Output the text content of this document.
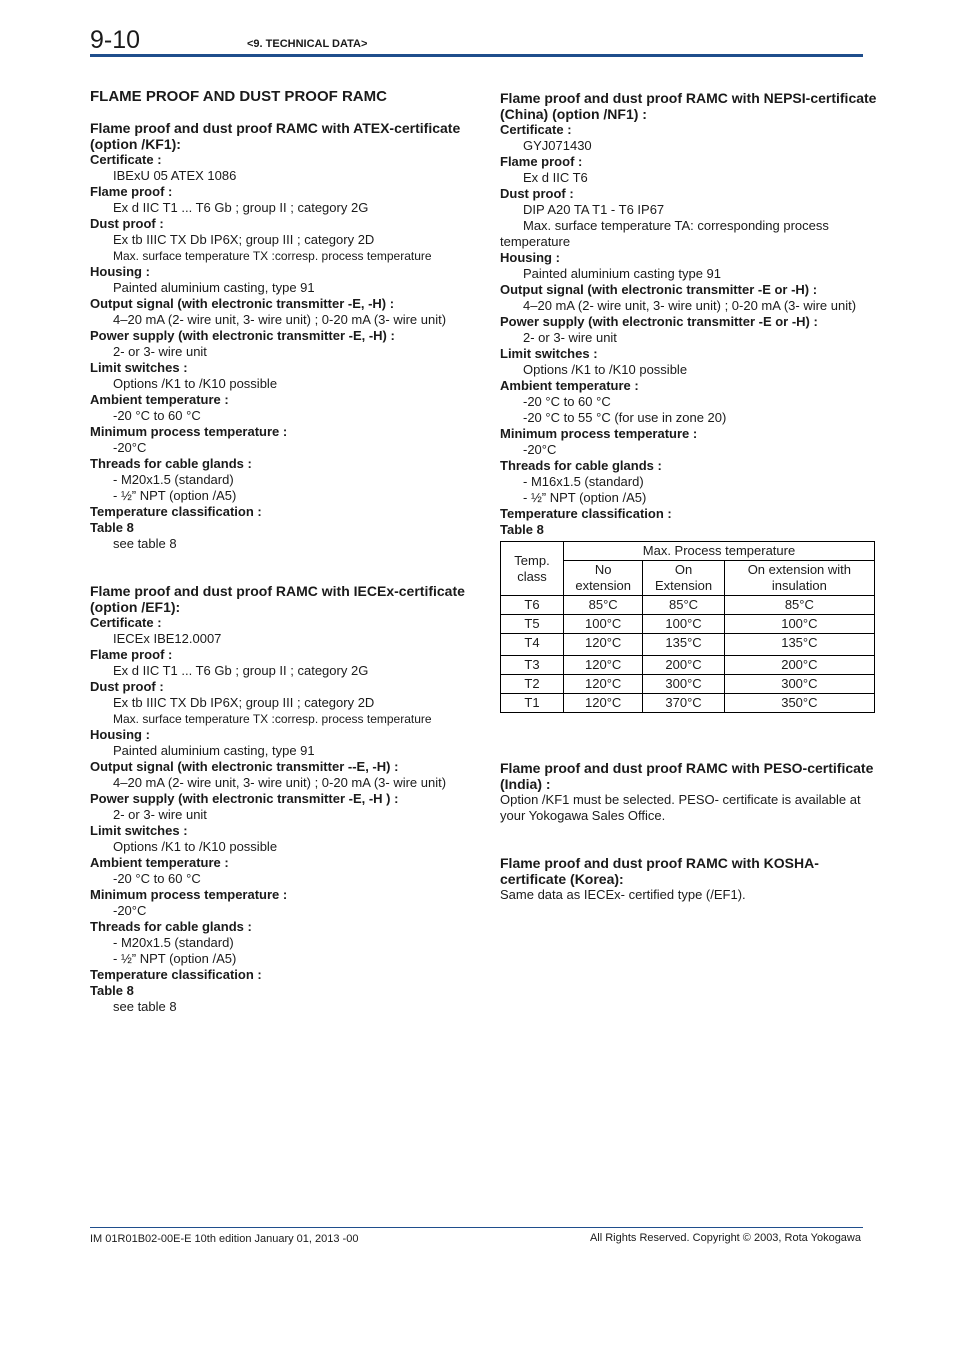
9-10	<9. TECHNICAL DATA>
FLAME PROOF AND DUST PROOF RAMC
Flame proof and dust proof RAMC with ATEX-certificate (option /KF1):
Certificate :
IBExU 05 ATEX 1086
Flame proof :
Ex d IIC T1 ... T6 Gb ; group II ; category 2G
Dust proof :
Ex tb IIIC TX Db IP6X; group III ; category 2D
Max. surface temperature TX :corresp. process temperature
Housing :
Painted aluminium casting, type 91
Output signal (with electronic transmitter -E, -H) :
4–20 mA (2- wire unit, 3- wire unit) ; 0-20 mA (3- wire unit)
Power supply (with electronic transmitter -E, -H) :
2- or 3- wire unit
Limit switches :
Options /K1 to /K10 possible
Ambient temperature :
-20 °C to 60 °C
Minimum process temperature :
-20°C
Threads for cable glands :
- M20x1.5 (standard)
- ½” NPT (option /A5)
Temperature classification :
Table 8
see table 8
Flame proof and dust proof RAMC with IECEx-certificate (option /EF1):
Certificate :
IECEx IBE12.0007
Flame proof :
Ex d IIC T1 ... T6 Gb ; group II ; category 2G
Dust proof :
Ex tb IIIC TX Db IP6X; group III ; category 2D
Max. surface temperature TX :corresp. process temperature
Housing :
Painted aluminium casting, type 91
Output signal (with electronic transmitter --E, -H) :
4–20 mA (2- wire unit, 3- wire unit) ; 0-20 mA (3- wire unit)
Power supply (with electronic transmitter -E, -H ) :
2- or 3- wire unit
Limit switches :
Options /K1 to /K10 possible
Ambient temperature :
-20 °C to 60 °C
Minimum process temperature :
-20°C
Threads for cable glands :
- M20x1.5 (standard)
- ½” NPT (option /A5)
Temperature classification :
Table 8
see table 8
Flame proof and dust proof RAMC with NEPSI-certificate (China) (option /NF1) :
Certificate :
GYJ071430
Flame proof :
Ex d IIC T6
Dust proof :
DIP A20 TA T1 - T6 IP67
Max. surface temperature TA: corresponding process
temperature
Housing :
Painted aluminium casting type 91
Output signal (with electronic transmitter -E or -H) :
4–20 mA (2- wire unit, 3- wire unit) ; 0-20 mA (3- wire unit)
Power supply (with electronic transmitter -E or -H) :
2- or 3- wire unit
Limit switches :
Options /K1 to /K10 possible
Ambient temperature :
-20 °C to 60 °C
-20 °C to 55 °C (for use in zone 20)
Minimum process temperature :
-20°C
Threads for cable glands :
- M16x1.5 (standard)
- ½” NPT (option /A5)
Temperature classification :
Table 8
Temp. class	Max. Process temperature		
	No extension	On Extension	On extension with insulation
T6	85°C	85°C	85°C
T5	100°C	100°C	100°C
T4	120°C	135°C	135°C
T3	120°C	200°C	200°C
T2	120°C	300°C	300°C
T1	120°C	370°C	350°C
Flame proof and dust proof RAMC with PESO-certificate (India) :
Option /KF1 must be selected. PESO- certificate is available at your Yokogawa Sales Office.
Flame proof and dust proof RAMC with KOSHA-certificate (Korea):
Same data as IECEx- certified type (/EF1).
IM 01R01B02-00E-E 10th edition January 01, 2013 -00	All Rights Reserved. Copyright © 2003, Rota Yokogawa
